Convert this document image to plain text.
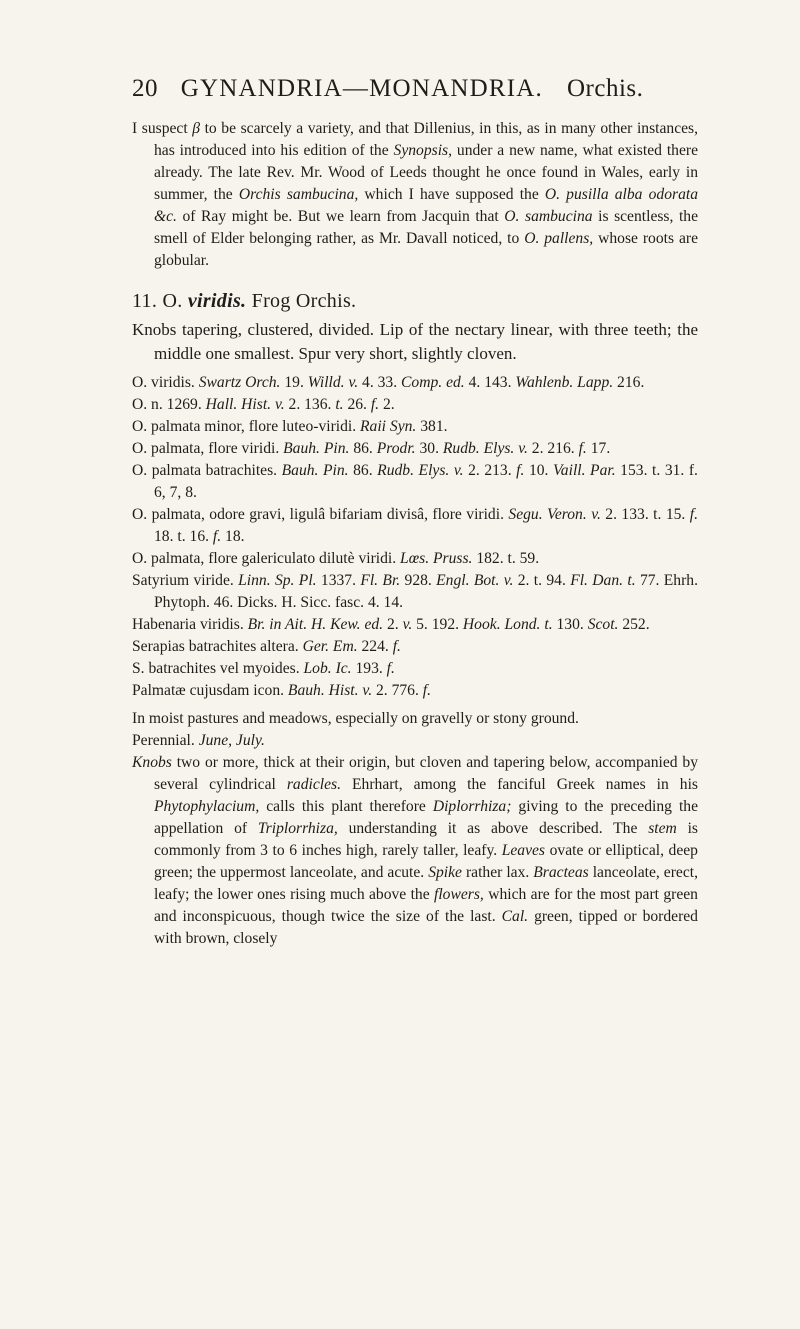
20 GYNANDRIA—MONANDRIA. Orchis.

I suspect β to be scarcely a variety, and that Dillenius, in this, as in many other instances, has introduced into his edition of the Synopsis, under a new name, what existed there already. The late Rev. Mr. Wood of Leeds thought he once found in Wales, early in summer, the Orchis sambucina, which I have supposed the O. pusilla alba odorata &c. of Ray might be. But we learn from Jacquin that O. sambucina is scentless, the smell of Elder belonging rather, as Mr. Davall noticed, to O. pallens, whose roots are globular.

11. O. viridis. Frog Orchis.

Knobs tapering, clustered, divided. Lip of the nectary linear, with three teeth; the middle one smallest. Spur very short, slightly cloven.

O. viridis. Swartz Orch. 19. Willd. v. 4. 33. Comp. ed. 4. 143. Wahlenb. Lapp. 216.

O. n. 1269. Hall. Hist. v. 2. 136. t. 26. f. 2.

O. palmata minor, flore luteo-viridi. Raii Syn. 381.

O. palmata, flore viridi. Bauh. Pin. 86. Prodr. 30. Rudb. Elys. v. 2. 216. f. 17.

O. palmata batrachites. Bauh. Pin. 86. Rudb. Elys. v. 2. 213. f. 10. Vaill. Par. 153. t. 31. f. 6, 7, 8.

O. palmata, odore gravi, ligulâ bifariam divisâ, flore viridi. Segu. Veron. v. 2. 133. t. 15. f. 18. t. 16. f. 18.

O. palmata, flore galericulato dilutè viridi. Lœs. Pruss. 182. t. 59.

Satyrium viride. Linn. Sp. Pl. 1337. Fl. Br. 928. Engl. Bot. v. 2. t. 94. Fl. Dan. t. 77. Ehrh. Phytoph. 46. Dicks. H. Sicc. fasc. 4. 14.

Habenaria viridis. Br. in Ait. H. Kew. ed. 2. v. 5. 192. Hook. Lond. t. 130. Scot. 252.

Serapias batrachites altera. Ger. Em. 224. f.

S. batrachites vel myoides. Lob. Ic. 193. f.

Palmatæ cujusdam icon. Bauh. Hist. v. 2. 776. f.

In moist pastures and meadows, especially on gravelly or stony ground.

Perennial. June, July.

Knobs two or more, thick at their origin, but cloven and tapering below, accompanied by several cylindrical radicles. Ehrhart, among the fanciful Greek names in his Phytophylacium, calls this plant therefore Diplorrhiza; giving to the preceding the appellation of Triplorrhiza, understanding it as above described. The stem is commonly from 3 to 6 inches high, rarely taller, leafy. Leaves ovate or elliptical, deep green; the uppermost lanceolate, and acute. Spike rather lax. Bracteas lanceolate, erect, leafy; the lower ones rising much above the flowers, which are for the most part green and inconspicuous, though twice the size of the last. Cal. green, tipped or bordered with brown, closely
